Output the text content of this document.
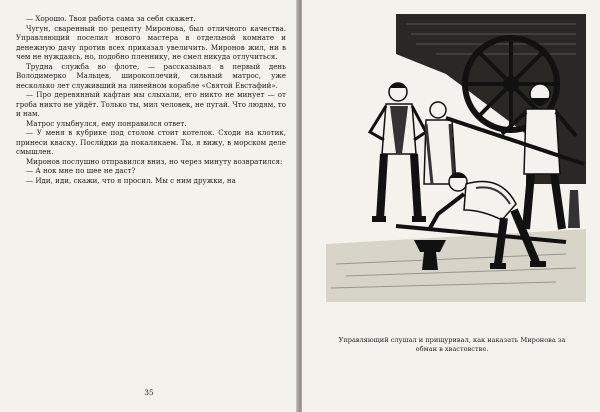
— Хорошо. Твоя работа сама за себя скажет.

Чугун, сваренный по рецепту Миронова, был отличного качества. Управляющий поселил нового мастера в отдельной комнате и денежную дачу против всех приказал увеличить. Миронов жил, ни в чем не нуждаясь, но, подобно пленнику, не смел никуда отлучиться.

Трудна служба во флоте, — рассказывал в первый день Володимерко Мальцев, широкоплечий, сильный матрос, уже несколько лет служивший на линейном корабле «Святой Евстафий».

— Про деревянный кафтан мы слыхали, его никто не минует — от гроба никто не уйдёт. Только ты, мил человек, не пугай. Что людям, то и нам.

Матрос улыбнулся, ему понравился ответ.

— У меня в кубрике под столом стоит котелок. Сходи на клотик, принеси кваску. Послйдки да покалякаем. Ты, я вижу, в морском деле смышлен.

Миронов послушно отправился вниз, но через минуту возвратился:

— А нок мне по шее не даст?

— Иди, иди, скажи, что я просил. Мы с ним дружки, на

35
Управляющий слушал и прищуривал, как наказать Миронова за обман в хвастовстве.
